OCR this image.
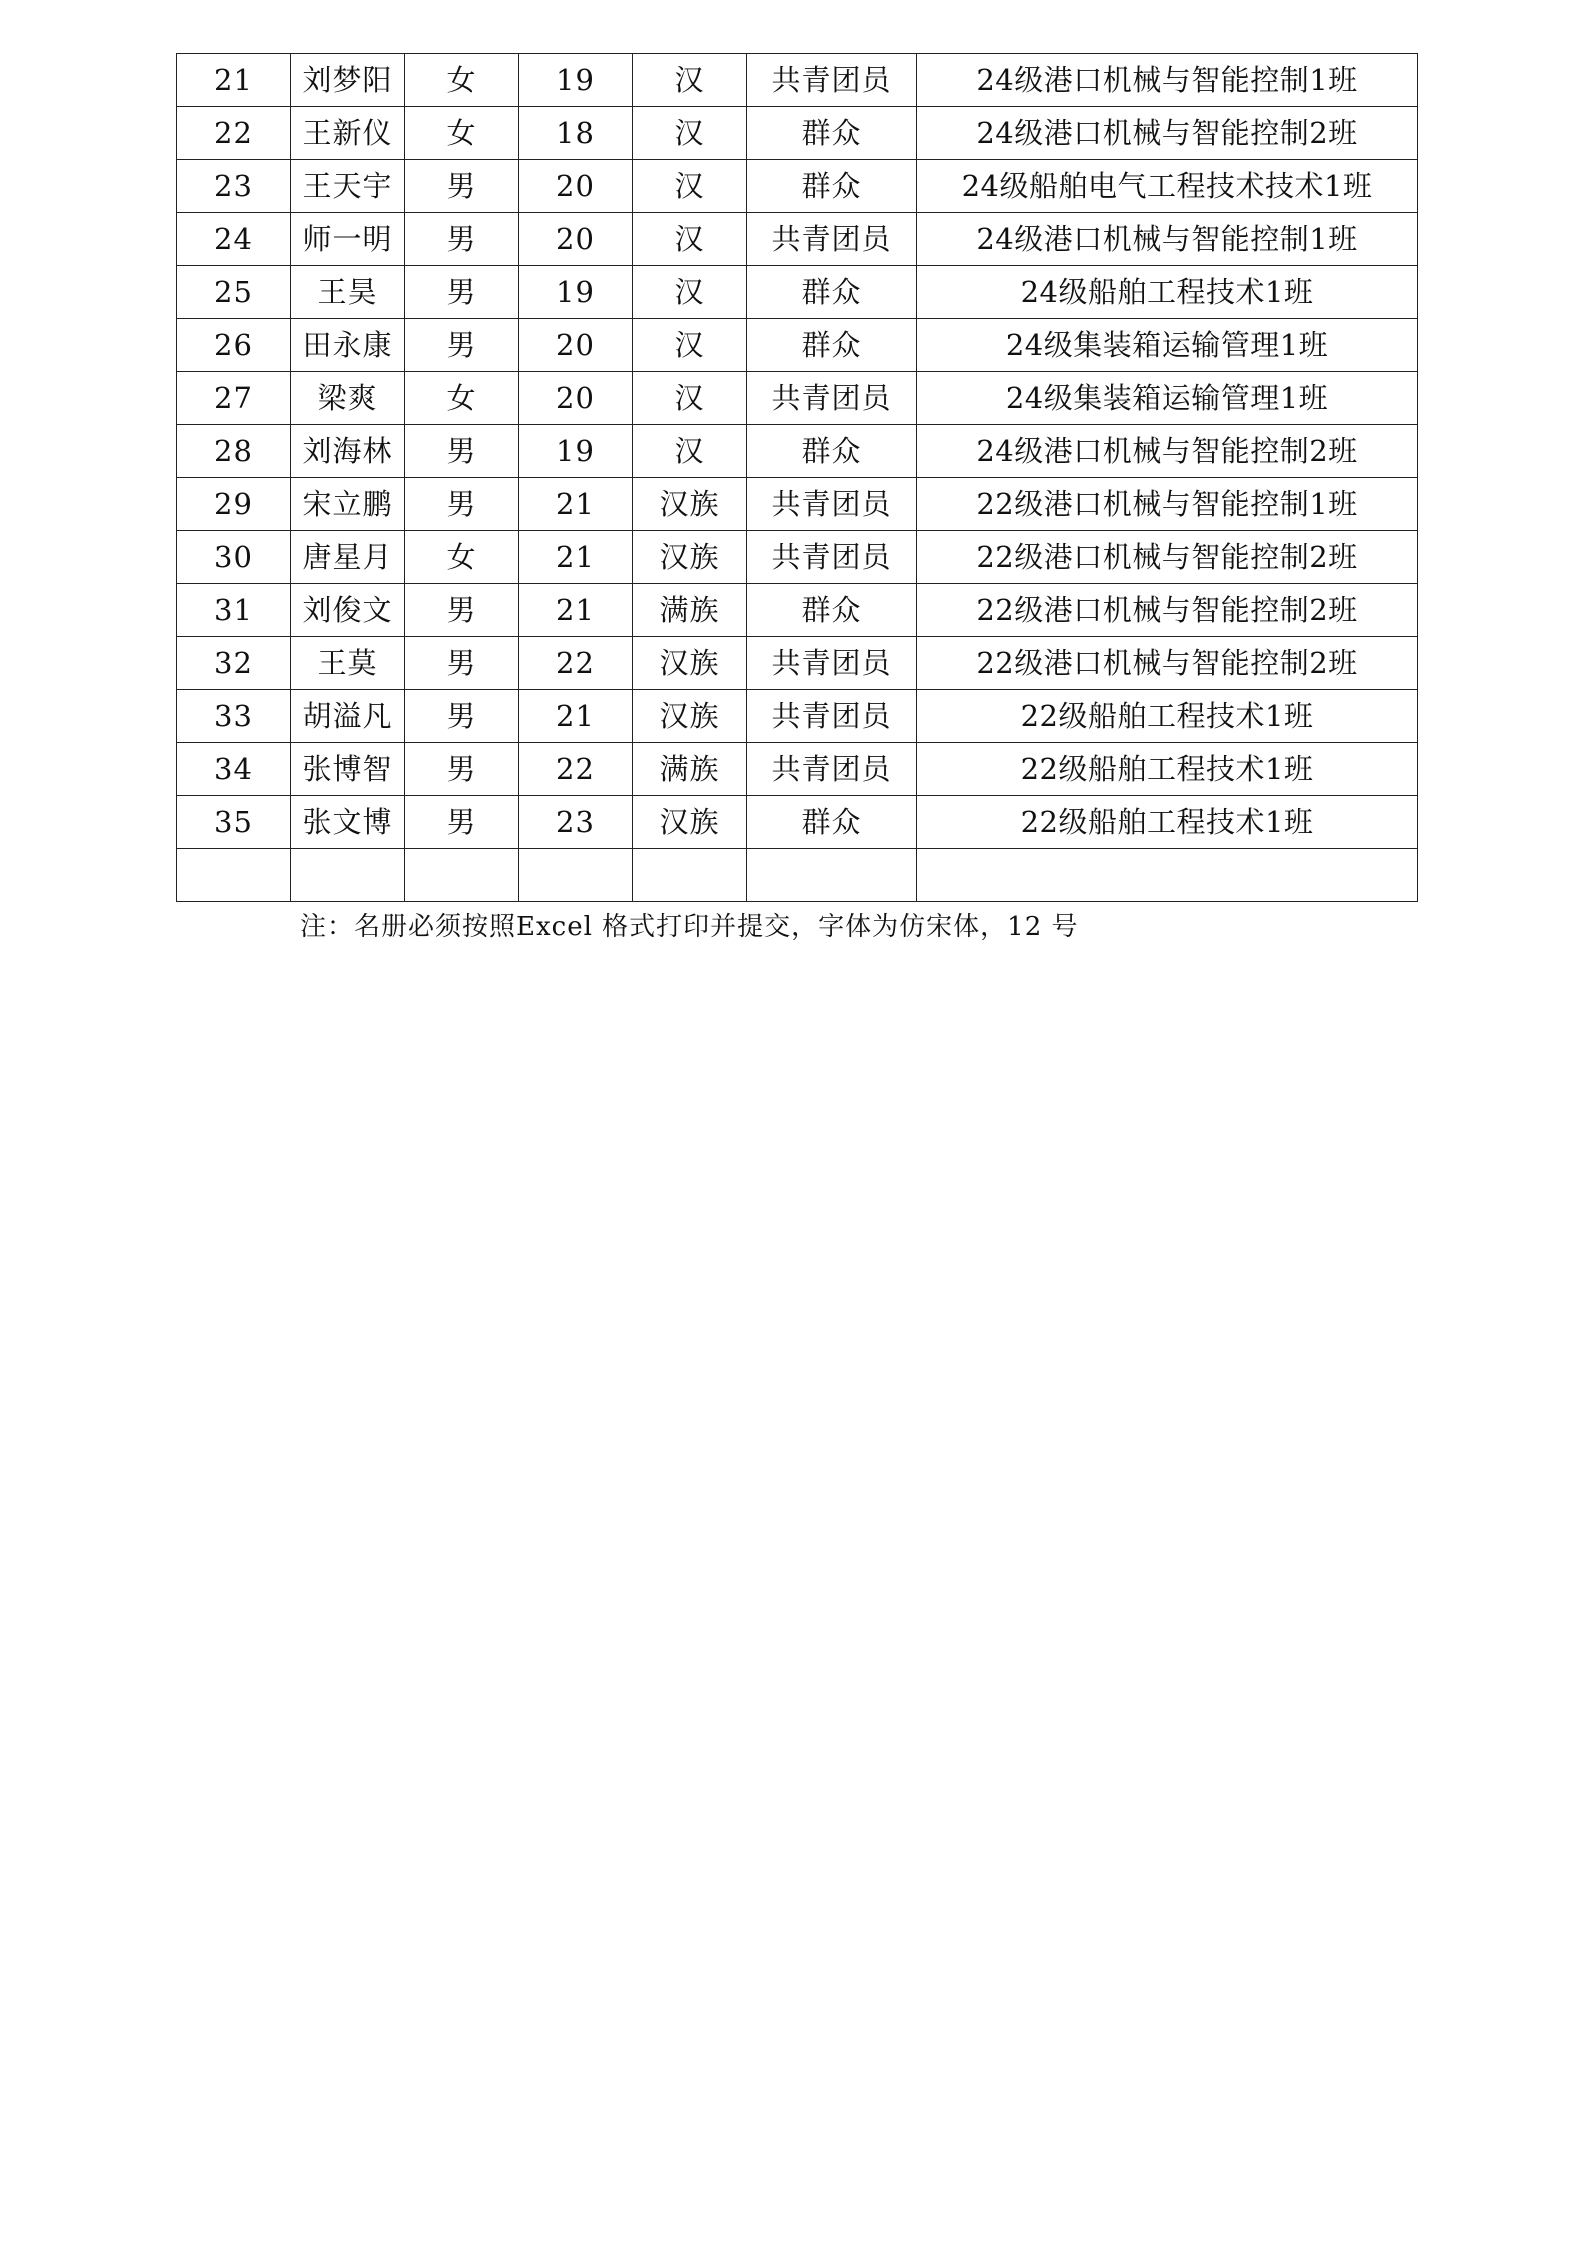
21	刘梦阳	女	19	汉	共青团员	24级港口机械与智能控制1班
22	王新仪	女	18	汉	群众	24级港口机械与智能控制2班
23	王天宇	男	20	汉	群众	24级船舶电气工程技术技术1班
24	师一明	男	20	汉	共青团员	24级港口机械与智能控制1班
25	王昊	男	19	汉	群众	24级船舶工程技术1班
26	田永康	男	20	汉	群众	24级集装箱运输管理1班
27	梁爽	女	20	汉	共青团员	24级集装箱运输管理1班
28	刘海林	男	19	汉	群众	24级港口机械与智能控制2班
29	宋立鹏	男	21	汉族	共青团员	22级港口机械与智能控制1班
30	唐星月	女	21	汉族	共青团员	22级港口机械与智能控制2班
31	刘俊文	男	21	满族	群众	22级港口机械与智能控制2班
32	王莫	男	22	汉族	共青团员	22级港口机械与智能控制2班
33	胡溢凡	男	21	汉族	共青团员	22级船舶工程技术1班
34	张博智	男	22	满族	共青团员	22级船舶工程技术1班
35	张文博	男	23	汉族	群众	22级船舶工程技术1班

注：名册必须按照Excel 格式打印并提交，字体为仿宋体，12 号
